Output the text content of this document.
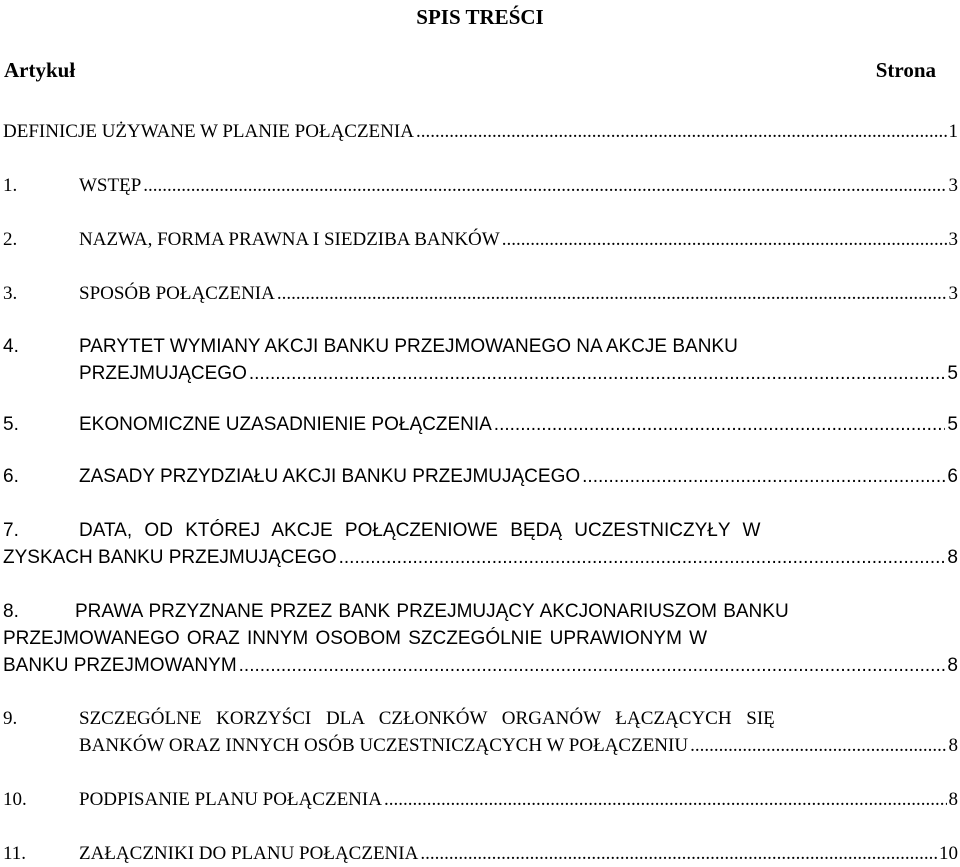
SPIS TREŚCI
Artykuł	Strona
DEFINICJE UŻYWANE W PLANIE POŁĄCZENIA .....	1
1.	WSTĘP .....	3
2.	NAZWA, FORMA PRAWNA I SIEDZIBA BANKÓW .....	3
3.	SPOSÓB POŁĄCZENIA .....	3
4.	PARYTET WYMIANY AKCJI BANKU PRZEJMOWANEGO NA AKCJE BANKU
PRZEJMUJĄCEGO .....	5
5.	EKONOMICZNE UZASADNIENIE POŁĄCZENIA .....	5
6.	ZASADY PRZYDZIAŁU AKCJI BANKU PRZEJMUJĄCEGO .....	6
7.	DATA, OD KTÓREJ AKCJE POŁĄCZENIOWE BĘDĄ UCZESTNICZYŁY W
ZYSKACH BANKU PRZEJMUJĄCEGO .....	8
8.	PRAWA PRZYZNANE PRZEZ BANK PRZEJMUJĄCY AKCJONARIUSZOM BANKU
PRZEJMOWANEGO ORAZ INNYM OSOBOM SZCZEGÓLNIE UPRAWIONYM W
BANKU PRZEJMOWANYM .....	8
9.	SZCZEGÓLNE KORZYŚCI DLA CZŁONKÓW ORGANÓW ŁĄCZĄCYCH SIĘ
BANKÓW ORAZ INNYCH OSÓB UCZESTNICZĄCYCH W POŁĄCZENIU .....	8
10.	PODPISANIE PLANU POŁĄCZENIA .....	8
11.	ZAŁĄCZNIKI DO PLANU POŁĄCZENIA .....	10
